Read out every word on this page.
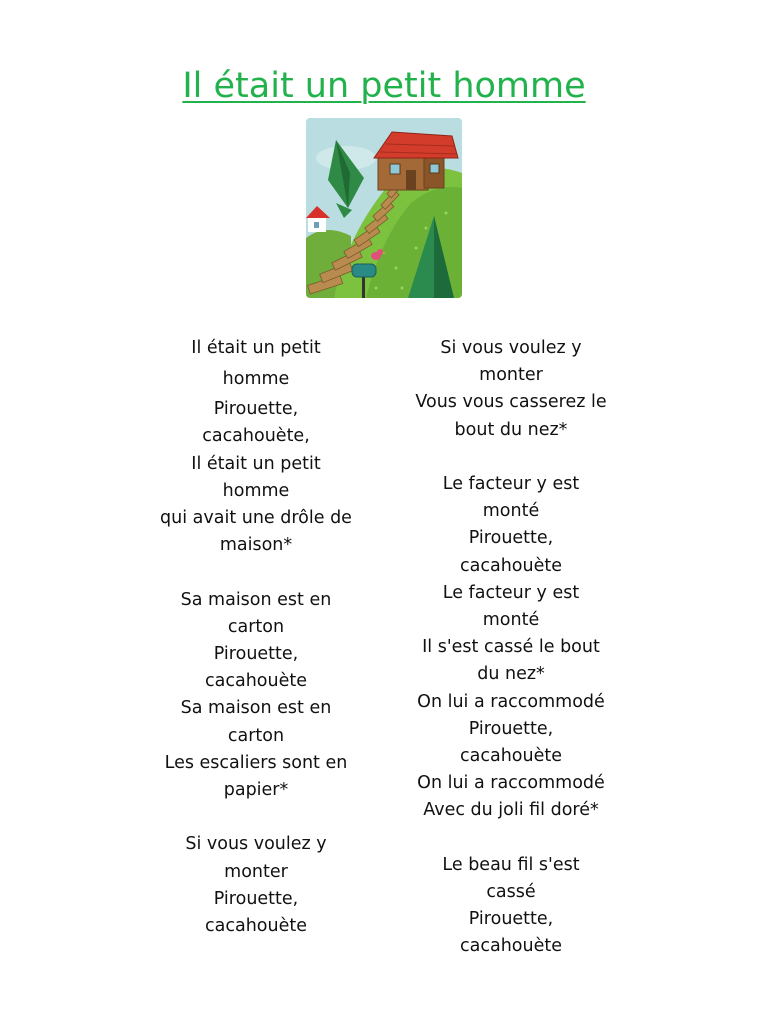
Il était un petit homme
Il était un petit
homme
Pirouette,
cacahouète,
Il était un petit
homme
qui avait une drôle de
maison*
Sa maison est en
carton
Pirouette,
cacahouète
Sa maison est en
carton
Les escaliers sont en
papier*
Si vous voulez y
monter
Pirouette,
cacahouète
Si vous voulez y
monter
Vous vous casserez le
bout du nez*
Le facteur y est
monté
Pirouette,
cacahouète
Le facteur y est
monté
Il s'est cassé le bout
du nez*
On lui a raccommodé
Pirouette,
cacahouète
On lui a raccommodé
Avec du joli fil doré*
Le beau fil s'est
cassé
Pirouette,
cacahouète
